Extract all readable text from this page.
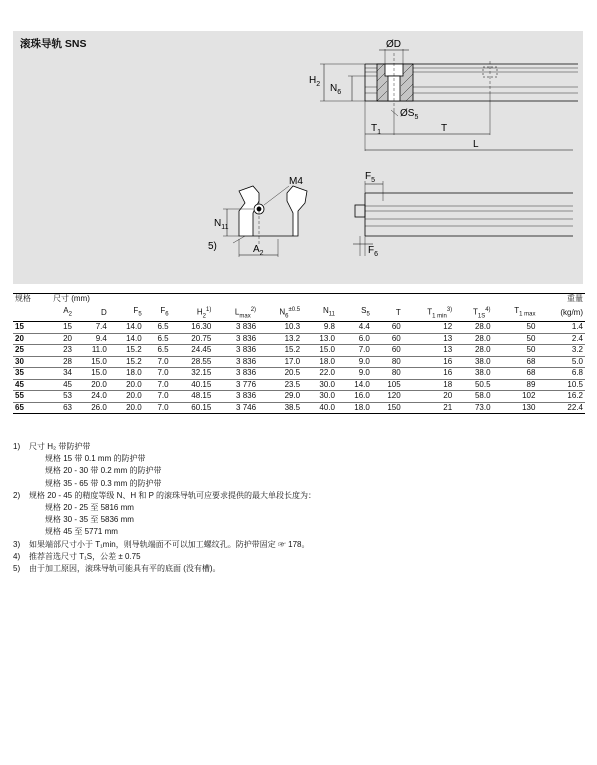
滚珠导轨 SNS	ØD
$H_2$ $N_6$
$ØS_5$
$T_1$	T
L
M4
$N_{11}$
5)	$A_2$
$F_5$
$F_6$
规格	尺寸 (mm)													重量
	$A_2$	D	$F_5$	$F_6$	$H_2^{1)}$	$L_{max}^{2)}$	$N_6^{\pm 0.5}$	$N_{11}$	$S_5$	T	$T_{1 min}^{3)}$	$T_{1S}^{4)}$	$T_{1 max}$	(kg/m)
15	15	7.4	14.0	6.5	16.30	3 836	10.3	9.8	4.4	60	12	28.0	50	1.4
20	20	9.4	14.0	6.5	20.75	3 836	13.2	13.0	6.0	60	13	28.0	50	2.4
25	23	11.0	15.2	6.5	24.45	3 836	15.2	15.0	7.0	60	13	28.0	50	3.2
30	28	15.0	15.2	7.0	28.55	3 836	17.0	18.0	9.0	80	16	38.0	68	5.0
35	34	15.0	18.0	7.0	32.15	3 836	20.5	22.0	9.0	80	16	38.0	68	6.8
45	45	20.0	20.0	7.0	40.15	3 776	23.5	30.0	14.0	105	18	50.5	89	10.5
55	53	24.0	20.0	7.0	48.15	3 836	29.0	30.0	16.0	120	20	58.0	102	16.2
65	63	26.0	20.0	7.0	60.15	3 746	38.5	40.0	18.0	150	21	73.0	130	22.4
1)	尺寸 H₂ 带防护带
规格 15 带 0.1 mm 的防护带
规格 20 - 30 带 0.2 mm 的防护带
规格 35 - 65 带 0.3 mm 的防护带
2)	规格 20 - 45 的精度等级 N、H 和 P 的滚珠导轨可应要求提供的最大单段长度为：
规格 20 - 25 至 5816 mm
规格 30 - 35 至 5836 mm
规格 45 至 5771 mm
3)	如果端部尺寸小于 T₁min，则导轨端面不可以加工螺纹孔。防护带固定 ☞ 178。
4)	推荐首选尺寸 T₁S，公差 ± 0.75
5)	由于加工原因，滚珠导轨可能具有平的底面 (没有槽)。
